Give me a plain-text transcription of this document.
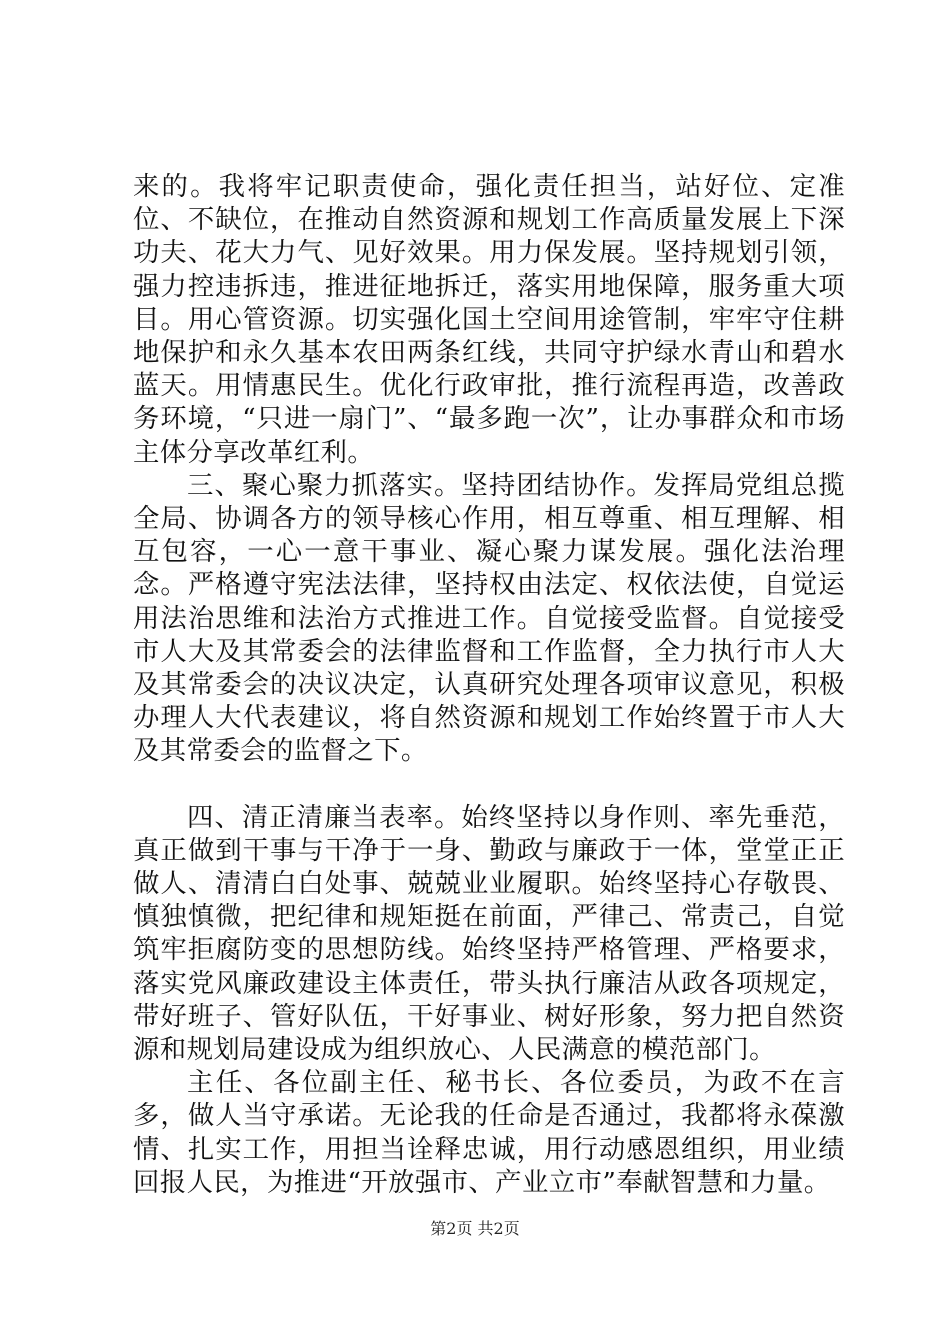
来的。我将牢记职责使命，强化责任担当，站好位、定准位、不缺位，在推动自然资源和规划工作高质量发展上下深功夫、花大力气、见好效果。用力保发展。坚持规划引领，强力控违拆违，推进征地拆迁，落实用地保障，服务重大项目。用心管资源。切实强化国土空间用途管制，牢牢守住耕地保护和永久基本农田两条红线，共同守护绿水青山和碧水蓝天。用情惠民生。优化行政审批，推行流程再造，改善政务环境，“只进一扇门”、“最多跑一次”，让办事群众和市场主体分享改革红利。

三、聚心聚力抓落实。坚持团结协作。发挥局党组总揽全局、协调各方的领导核心作用，相互尊重、相互理解、相互包容，一心一意干事业、凝心聚力谋发展。强化法治理念。严格遵守宪法法律，坚持权由法定、权依法使，自觉运用法治思维和法治方式推进工作。自觉接受监督。自觉接受市人大及其常委会的法律监督和工作监督，全力执行市人大及其常委会的决议决定，认真研究处理各项审议意见，积极办理人大代表建议，将自然资源和规划工作始终置于市人大及其常委会的监督之下。

四、清正清廉当表率。始终坚持以身作则、率先垂范，真正做到干事与干净于一身、勤政与廉政于一体，堂堂正正做人、清清白白处事、兢兢业业履职。始终坚持心存敬畏、慎独慎微，把纪律和规矩挺在前面，严律己、常责己，自觉筑牢拒腐防变的思想防线。始终坚持严格管理、严格要求，落实党风廉政建设主体责任，带头执行廉洁从政各项规定，带好班子、管好队伍，干好事业、树好形象，努力把自然资源和规划局建设成为组织放心、人民满意的模范部门。

主任、各位副主任、秘书长、各位委员，为政不在言多，做人当守承诺。无论我的任命是否通过，我都将永葆激情、扎实工作，用担当诠释忠诚，用行动感恩组织，用业绩回报人民，为推进“开放强市、产业立市”奉献智慧和力量。

第2页 共2页
